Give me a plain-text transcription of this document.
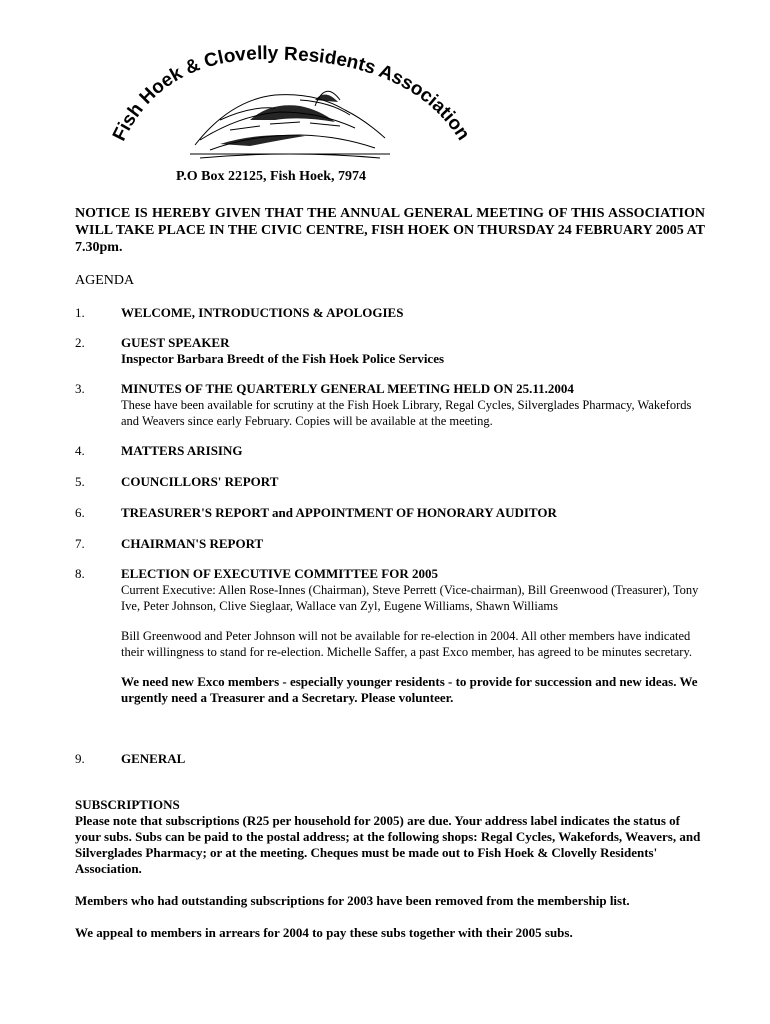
Fish Hoek & Clovelly Residents Association
P.O Box 22125, Fish Hoek, 7974
NOTICE IS HEREBY GIVEN THAT THE ANNUAL GENERAL MEETING OF THIS ASSOCIATION WILL TAKE PLACE IN THE CIVIC CENTRE, FISH HOEK ON THURSDAY 24 FEBRUARY 2005 AT 7.30pm.
AGENDA
1.	WELCOME, INTRODUCTIONS & APOLOGIES
2.	GUEST SPEAKER
Inspector Barbara Breedt of the Fish Hoek Police Services
3.	MINUTES OF THE QUARTERLY GENERAL MEETING HELD ON 25.11.2004
These have been available for scrutiny at the Fish Hoek Library, Regal Cycles, Silverglades Pharmacy, Wakefords and Weavers since early February. Copies will be available at the meeting.
4.	MATTERS ARISING
5.	COUNCILLORS' REPORT
6.	TREASURER'S REPORT and APPOINTMENT OF HONORARY AUDITOR
7.	CHAIRMAN'S REPORT
8.	ELECTION OF EXECUTIVE COMMITTEE FOR 2005
Current Executive: Allen Rose-Innes (Chairman), Steve Perrett (Vice-chairman), Bill Greenwood (Treasurer), Tony Ive, Peter Johnson, Clive Sieglaar, Wallace van Zyl, Eugene Williams, Shawn Williams
Bill Greenwood and Peter Johnson will not be available for re-election in 2004. All other members have indicated their willingness to stand for re-election. Michelle Saffer, a past Exco member, has agreed to be minutes secretary.
We need new Exco members - especially younger residents - to provide for succession and new ideas. We urgently need a Treasurer and a Secretary. Please volunteer.
9.	GENERAL

SUBSCRIPTIONS

Please note that subscriptions (R25 per household for 2005) are due. Your address label indicates the status of your subs. Subs can be paid to the postal address; at the following shops: Regal Cycles, Wakefords, Weavers, and Silverglades Pharmacy; or at the meeting. Cheques must be made out to Fish Hoek & Clovelly Residents' Association.

Members who had outstanding subscriptions for 2003 have been removed from the membership list.

We appeal to members in arrears for 2004 to pay these subs together with their 2005 subs.
